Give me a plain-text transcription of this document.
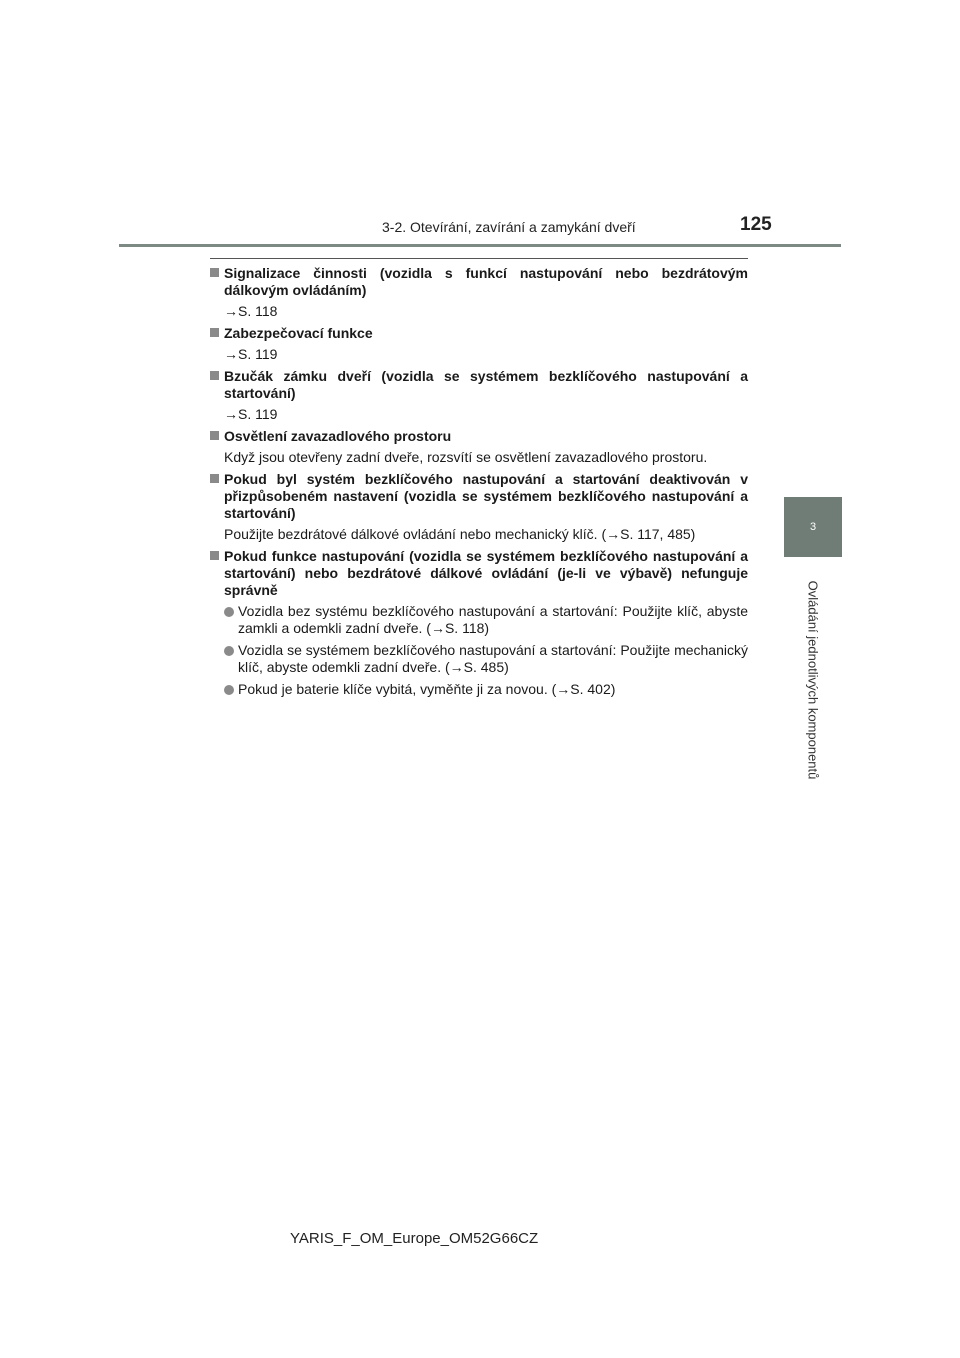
3-2. Otevírání, zavírání a zamykání dveří	125
3
Ovládání jednotlivých komponentů
Signalizace činnosti (vozidla s funkcí nastupování nebo bezdrátovým dálkovým ovládáním)
→S. 118
Zabezpečovací funkce
→S. 119
Bzučák zámku dveří (vozidla se systémem bezklíčového nastupování a startování)
→S. 119
Osvětlení zavazadlového prostoru
Když jsou otevřeny zadní dveře, rozsvítí se osvětlení zavazadlového prostoru.
Pokud byl systém bezklíčového nastupování a startování deaktivován v přizpůsobeném nastavení (vozidla se systémem bezklíčového nastupování a startování)
Použijte bezdrátové dálkové ovládání nebo mechanický klíč. (→S. 117, 485)
Pokud funkce nastupování (vozidla se systémem bezklíčového nastupování a startování) nebo bezdrátové dálkové ovládání (je-li ve výbavě) nefunguje správně
Vozidla bez systému bezklíčového nastupování a startování: Použijte klíč, abyste zamkli a odemkli zadní dveře. (→S. 118)
Vozidla se systémem bezklíčového nastupování a startování: Použijte mechanický klíč, abyste odemkli zadní dveře. (→S. 485)
Pokud je baterie klíče vybitá, vyměňte ji za novou. (→S. 402)
YARIS_F_OM_Europe_OM52G66CZ
